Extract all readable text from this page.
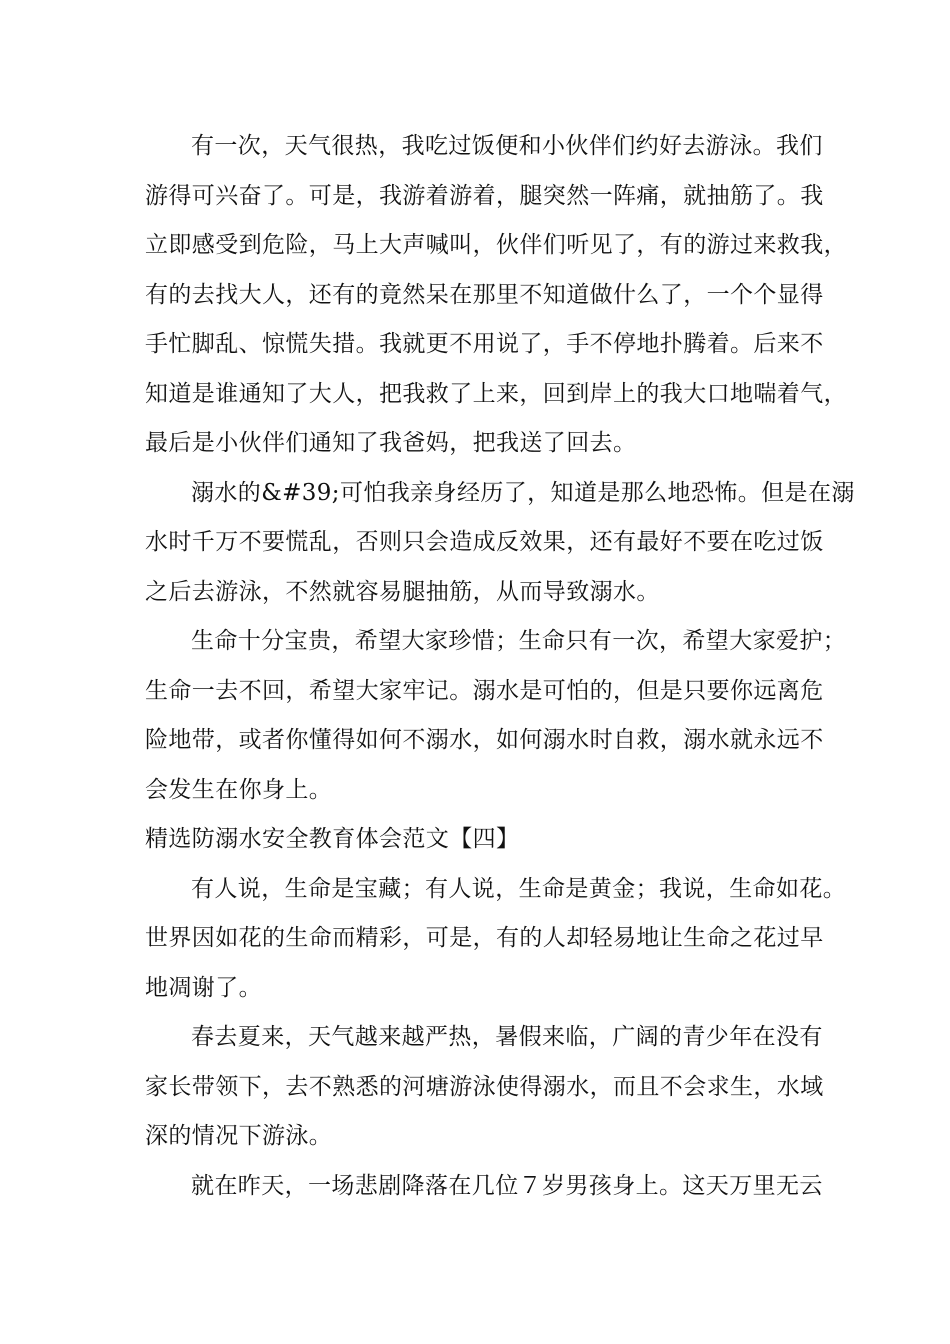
有一次，天气很热，我吃过饭便和小伙伴们约好去游泳。我们
游得可兴奋了。可是，我游着游着，腿突然一阵痛，就抽筋了。我
立即感受到危险，马上大声喊叫，伙伴们听见了，有的游过来救我，
有的去找大人，还有的竟然呆在那里不知道做什么了，一个个显得
手忙脚乱、惊慌失措。我就更不用说了，手不停地扑腾着。后来不
知道是谁通知了大人，把我救了上来，回到岸上的我大口地喘着气，
最后是小伙伴们通知了我爸妈，把我送了回去。

溺水的&#39;可怕我亲身经历了，知道是那么地恐怖。但是在溺
水时千万不要慌乱，否则只会造成反效果，还有最好不要在吃过饭
之后去游泳，不然就容易腿抽筋，从而导致溺水。

生命十分宝贵，希望大家珍惜；生命只有一次，希望大家爱护；
生命一去不回，希望大家牢记。溺水是可怕的，但是只要你远离危
险地带，或者你懂得如何不溺水，如何溺水时自救，溺水就永远不
会发生在你身上。

精选防溺水安全教育体会范文【四】

有人说，生命是宝藏；有人说，生命是黄金；我说，生命如花。
世界因如花的生命而精彩，可是，有的人却轻易地让生命之花过早
地凋谢了。

春去夏来，天气越来越严热，暑假来临，广阔的青少年在没有
家长带领下，去不熟悉的河塘游泳使得溺水，而且不会求生，水域
深的情况下游泳。

就在昨天，一场悲剧降落在几位７岁男孩身上。这天万里无云
